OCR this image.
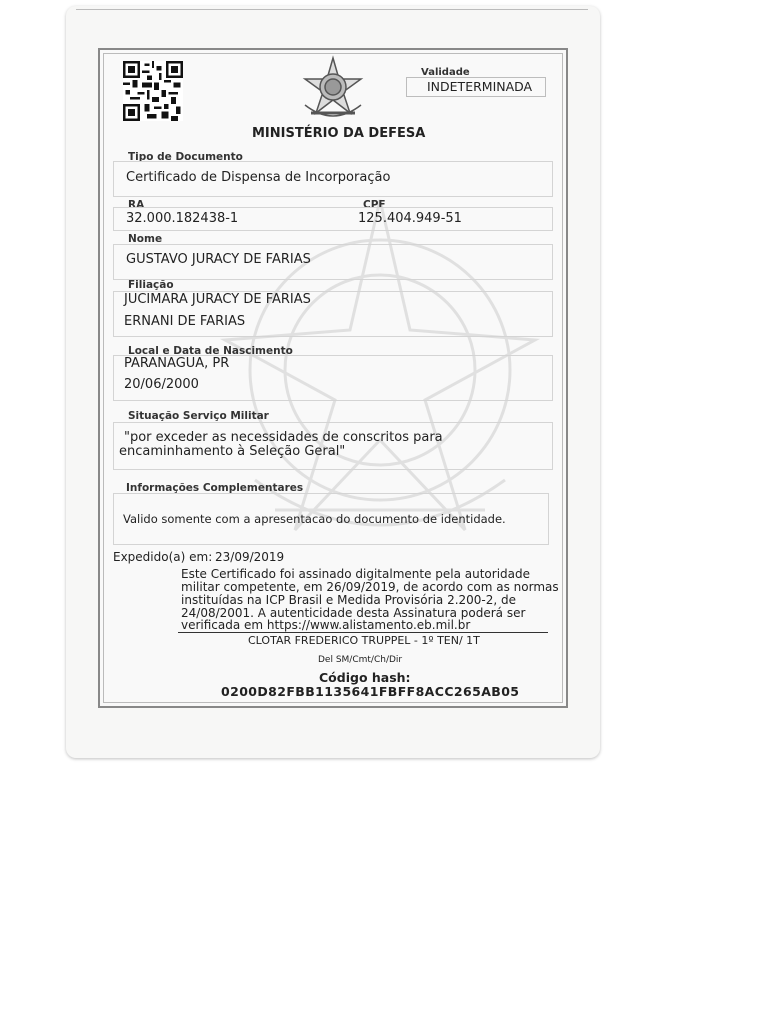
Validade
INDETERMINADA
MINISTÉRIO DA DEFESA
Tipo de Documento
Certificado de Dispensa de Incorporação
RA	CPF
32.000.182438-1	125.404.949-51
Nome
GUSTAVO JURACY DE FARIAS
Filiação
JUCIMARA JURACY DE FARIAS
ERNANI DE FARIAS
Local e Data de Nascimento
PARANAGUA, PR
20/06/2000
Situação Serviço Militar
"por exceder as necessidades de conscritos para
encaminhamento à Seleção Geral"
Informações Complementares
Valido somente com a apresentacao do documento de identidade.
Expedido(a) em: 23/09/2019
Este Certificado foi assinado digitalmente pela autoridade
militar competente, em 26/09/2019, de acordo com as normas
instituídas na ICP Brasil e Medida Provisória 2.200-2, de
24/08/2001. A autenticidade desta Assinatura poderá ser
verificada em https://www.alistamento.eb.mil.br
CLOTAR FREDERICO TRUPPEL - 1º TEN/ 1T
Del SM/Cmt/Ch/Dir
Código hash:
0200D82FBB1135641FBFF8ACC265AB05
